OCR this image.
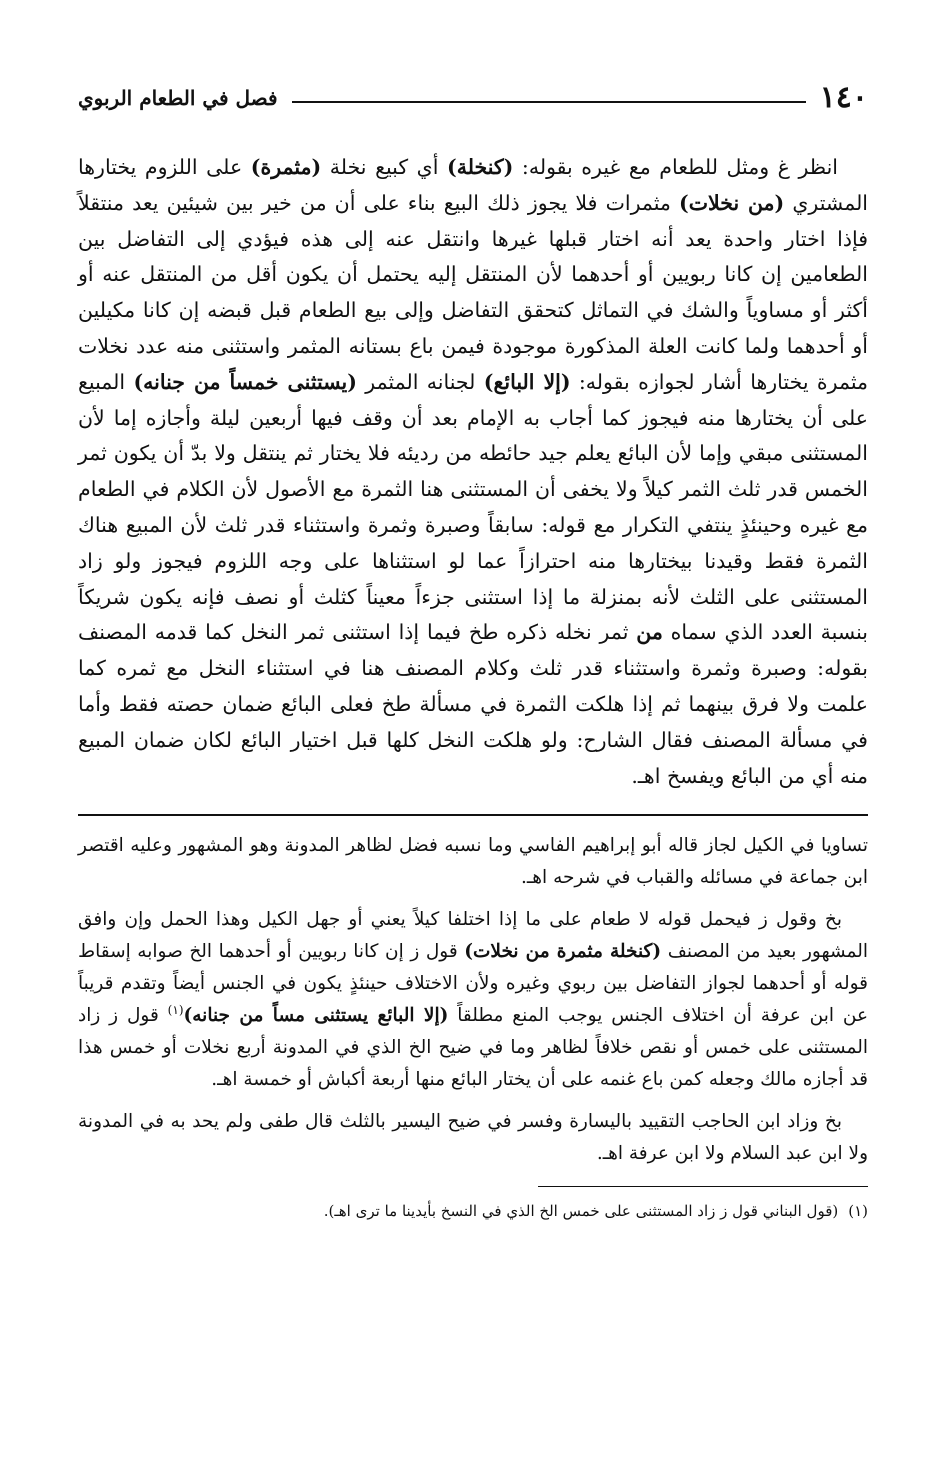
١٤٠
فصل في الطعام الربوي

انظر غ ومثل للطعام مع غيره بقوله: (كنخلة) أي كبيع نخلة (مثمرة) على اللزوم يختارها المشتري (من نخلات) مثمرات فلا يجوز ذلك البيع بناء على أن من خير بين شيئين يعد منتقلاً فإذا اختار واحدة يعد أنه اختار قبلها غيرها وانتقل عنه إلى هذه فيؤدي إلى التفاضل بين الطعامين إن كانا ربويين أو أحدهما لأن المنتقل إليه يحتمل أن يكون أقل من المنتقل عنه أو أكثر أو مساوياً والشك في التماثل كتحقق التفاضل وإلى بيع الطعام قبل قبضه إن كانا مكيلين أو أحدهما ولما كانت العلة المذكورة موجودة فيمن باع بستانه المثمر واستثنى منه عدد نخلات مثمرة يختارها أشار لجوازه بقوله: (إلا البائع) لجنانه المثمر (يستثنى خمساً من جنانه) المبيع على أن يختارها منه فيجوز كما أجاب به الإمام بعد أن وقف فيها أربعين ليلة وأجازه إما لأن المستثنى مبقي وإما لأن البائع يعلم جيد حائطه من رديئه فلا يختار ثم ينتقل ولا بدّ أن يكون ثمر الخمس قدر ثلث الثمر كيلاً ولا يخفى أن المستثنى هنا الثمرة مع الأصول لأن الكلام في الطعام مع غيره وحينئذٍ ينتفي التكرار مع قوله: سابقاً وصبرة وثمرة واستثناء قدر ثلث لأن المبيع هناك الثمرة فقط وقيدنا بيختارها منه احترازاً عما لو استثناها على وجه اللزوم فيجوز ولو زاد المستثنى على الثلث لأنه بمنزلة ما إذا استثنى جزءاً معيناً كثلث أو نصف فإنه يكون شريكاً بنسبة العدد الذي سماه من ثمر نخله ذكره طخ فيما إذا استثنى ثمر النخل كما قدمه المصنف بقوله: وصبرة وثمرة واستثناء قدر ثلث وكلام المصنف هنا في استثناء النخل مع ثمره كما علمت ولا فرق بينهما ثم إذا هلكت الثمرة في مسألة طخ فعلى البائع ضمان حصته فقط وأما في مسألة المصنف فقال الشارح: ولو هلكت النخل كلها قبل اختيار البائع لكان ضمان المبيع منه أي من البائع ويفسخ اهـ.

تساويا في الكيل لجاز قاله أبو إبراهيم الفاسي وما نسبه فضل لظاهر المدونة وهو المشهور وعليه اقتصر ابن جماعة في مسائله والقباب في شرحه اهـ.

بخ وقول ز فيحمل قوله لا طعام على ما إذا اختلفا كيلاً يعني أو جهل الكيل وهذا الحمل وإن وافق المشهور بعيد من المصنف (كنخلة مثمرة من نخلات) قول ز إن كانا ربويين أو أحدهما الخ صوابه إسقاط قوله أو أحدهما لجواز التفاضل بين ربوي وغيره ولأن الاختلاف حينئذٍ يكون في الجنس أيضاً وتقدم قريباً عن ابن عرفة أن اختلاف الجنس يوجب المنع مطلقاً (إلا البائع يستثنى مساً من جنانه)$^{(١)}$ قول ز زاد المستثنى على خمس أو نقص خلافاً لظاهر وما في ضيح الخ الذي في المدونة أربع نخلات أو خمس هذا قد أجازه مالك وجعله كمن باع غنمه على أن يختار البائع منها أربعة أكباش أو خمسة اهـ.

بخ وزاد ابن الحاجب التقييد باليسارة وفسر في ضيح اليسير بالثلث قال طفى ولم يحد به في المدونة ولا ابن عبد السلام ولا ابن عرفة اهـ.

(١)(قول البناني قول ز زاد المستثنى على خمس الخ الذي في النسخ بأيدينا ما ترى اهـ).
